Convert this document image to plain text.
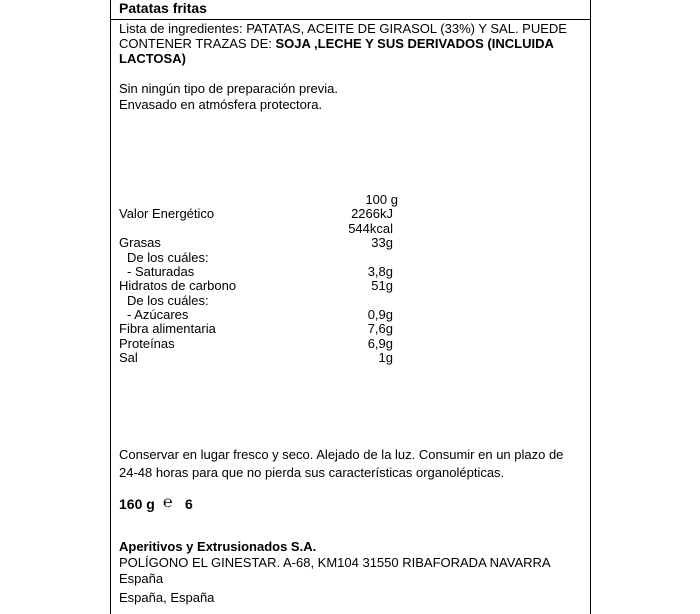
Patatas fritas
Lista de ingredientes: PATATAS, ACEITE DE GIRASOL (33%) Y SAL. PUEDE CONTENER TRAZAS DE: SOJA ,LECHE Y SUS DERIVADOS (INCLUIDA LACTOSA)
Sin ningún tipo de preparación previa.
Envasado en atmósfera protectora.
100 g
Valor Energético	2266kJ
544kcal
Grasas	33g
De los cuáles:
- Saturadas	3,8g
Hidratos de carbono	51g
De los cuáles:
- Azúcares	0,9g
Fibra alimentaria	7,6g
Proteínas	6,9g
Sal	1g
Conservar en lugar fresco y seco. Alejado de la luz. Consumir en un plazo de 24-48 horas para que no pierda sus características organolépticas.
160 g ℮ 6
Aperitivos y Extrusionados S.A.
POLÍGONO EL GINESTAR. A-68, KM104 31550 RIBAFORADA NAVARRA
España
España, España
